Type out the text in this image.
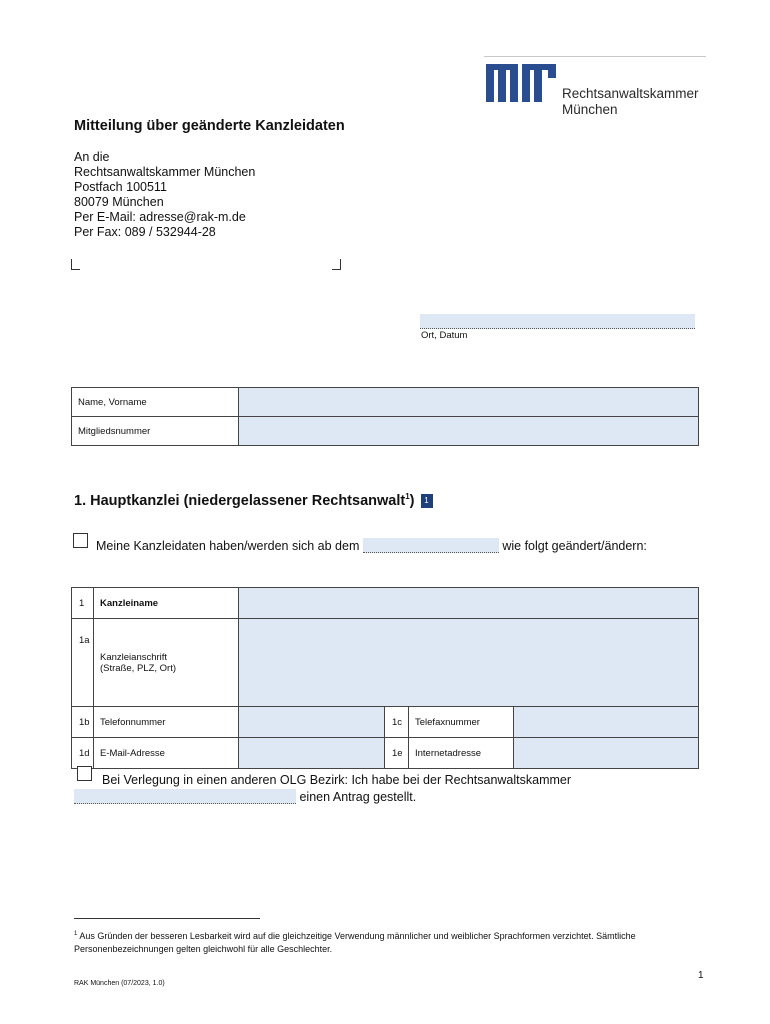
Rechtsanwaltskammer
München
Mitteilung über geänderte Kanzleidaten
An die
Rechtsanwaltskammer München
Postfach 100511
80079 München
Per E-Mail: adresse@rak-m.de
Per Fax: 089 / 532944-28
Ort, Datum
Name, Vorname	
Mitgliedsnummer	
1. Hauptkanzlei (niedergelassener Rechtsanwalt$^1$) 1
Meine Kanzleidaten haben/werden sich ab dem	wie folgt geändert/ändern:
1	Kanzleiname				
1a	Kanzleianschrift
(Straße, PLZ, Ort)				

1b	Telefonnummer		1c	Telefaxnummer	
1d	E-Mail-Adresse		1e	Internetadresse	
Bei Verlegung in einen anderen OLG Bezirk: Ich habe bei der Rechtsanwaltskammer
einen Antrag gestellt.
$^1$ Aus Gründen der besseren Lesbarkeit wird auf die gleichzeitige Verwendung männlicher und weiblicher Sprachformen verzichtet. Sämtliche Personenbezeichnungen gelten gleichwohl für alle Geschlechter.
1
RAK München (07/2023, 1.0)
